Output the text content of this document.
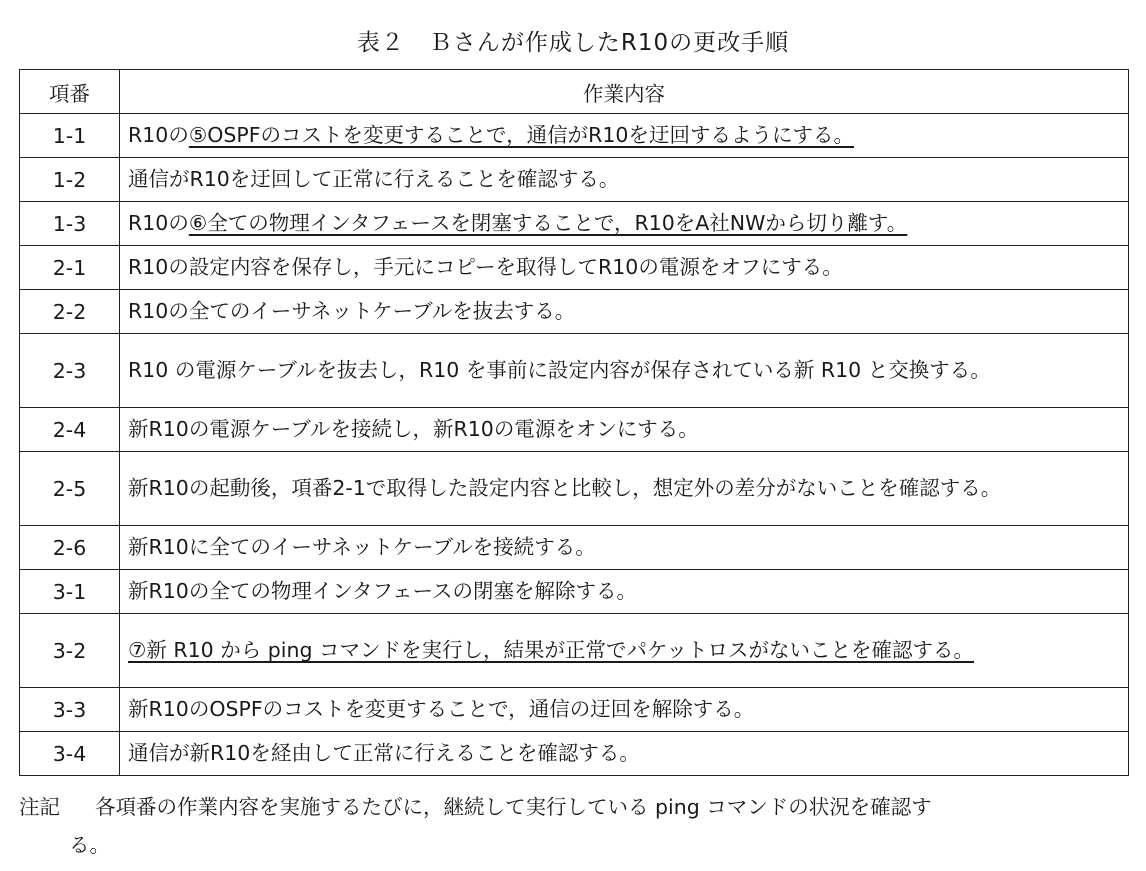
表２　Ｂさんが作成したR10の更改手順
項番	作業内容
1-1	R10の⑤OSPFのコストを変更することで，通信がR10を迂回するようにする。
1-2	通信がR10を迂回して正常に行えることを確認する。
1-3	R10の⑥全ての物理インタフェースを閉塞することで，R10をA社NWから切り離す。
2-1	R10の設定内容を保存し，手元にコピーを取得してR10の電源をオフにする。
2-2	R10の全てのイーサネットケーブルを抜去する。
2-3	R10 の電源ケーブルを抜去し，R10 を事前に設定内容が保存されている新 R10 と交換する。
2-4	新R10の電源ケーブルを接続し，新R10の電源をオンにする。
2-5	新R10の起動後，項番2-1で取得した設定内容と比較し，想定外の差分がないことを確認する。
2-6	新R10に全てのイーサネットケーブルを接続する。
3-1	新R10の全ての物理インタフェースの閉塞を解除する。
3-2	⑦新 R10 から ping コマンドを実行し，結果が正常でパケットロスがないことを確認する。
3-3	新R10のOSPFのコストを変更することで，通信の迂回を解除する。
3-4	通信が新R10を経由して正常に行えることを確認する。
注記 各項番の作業内容を実施するたびに，継続して実行している ping コマンドの状況を確認す
る。
